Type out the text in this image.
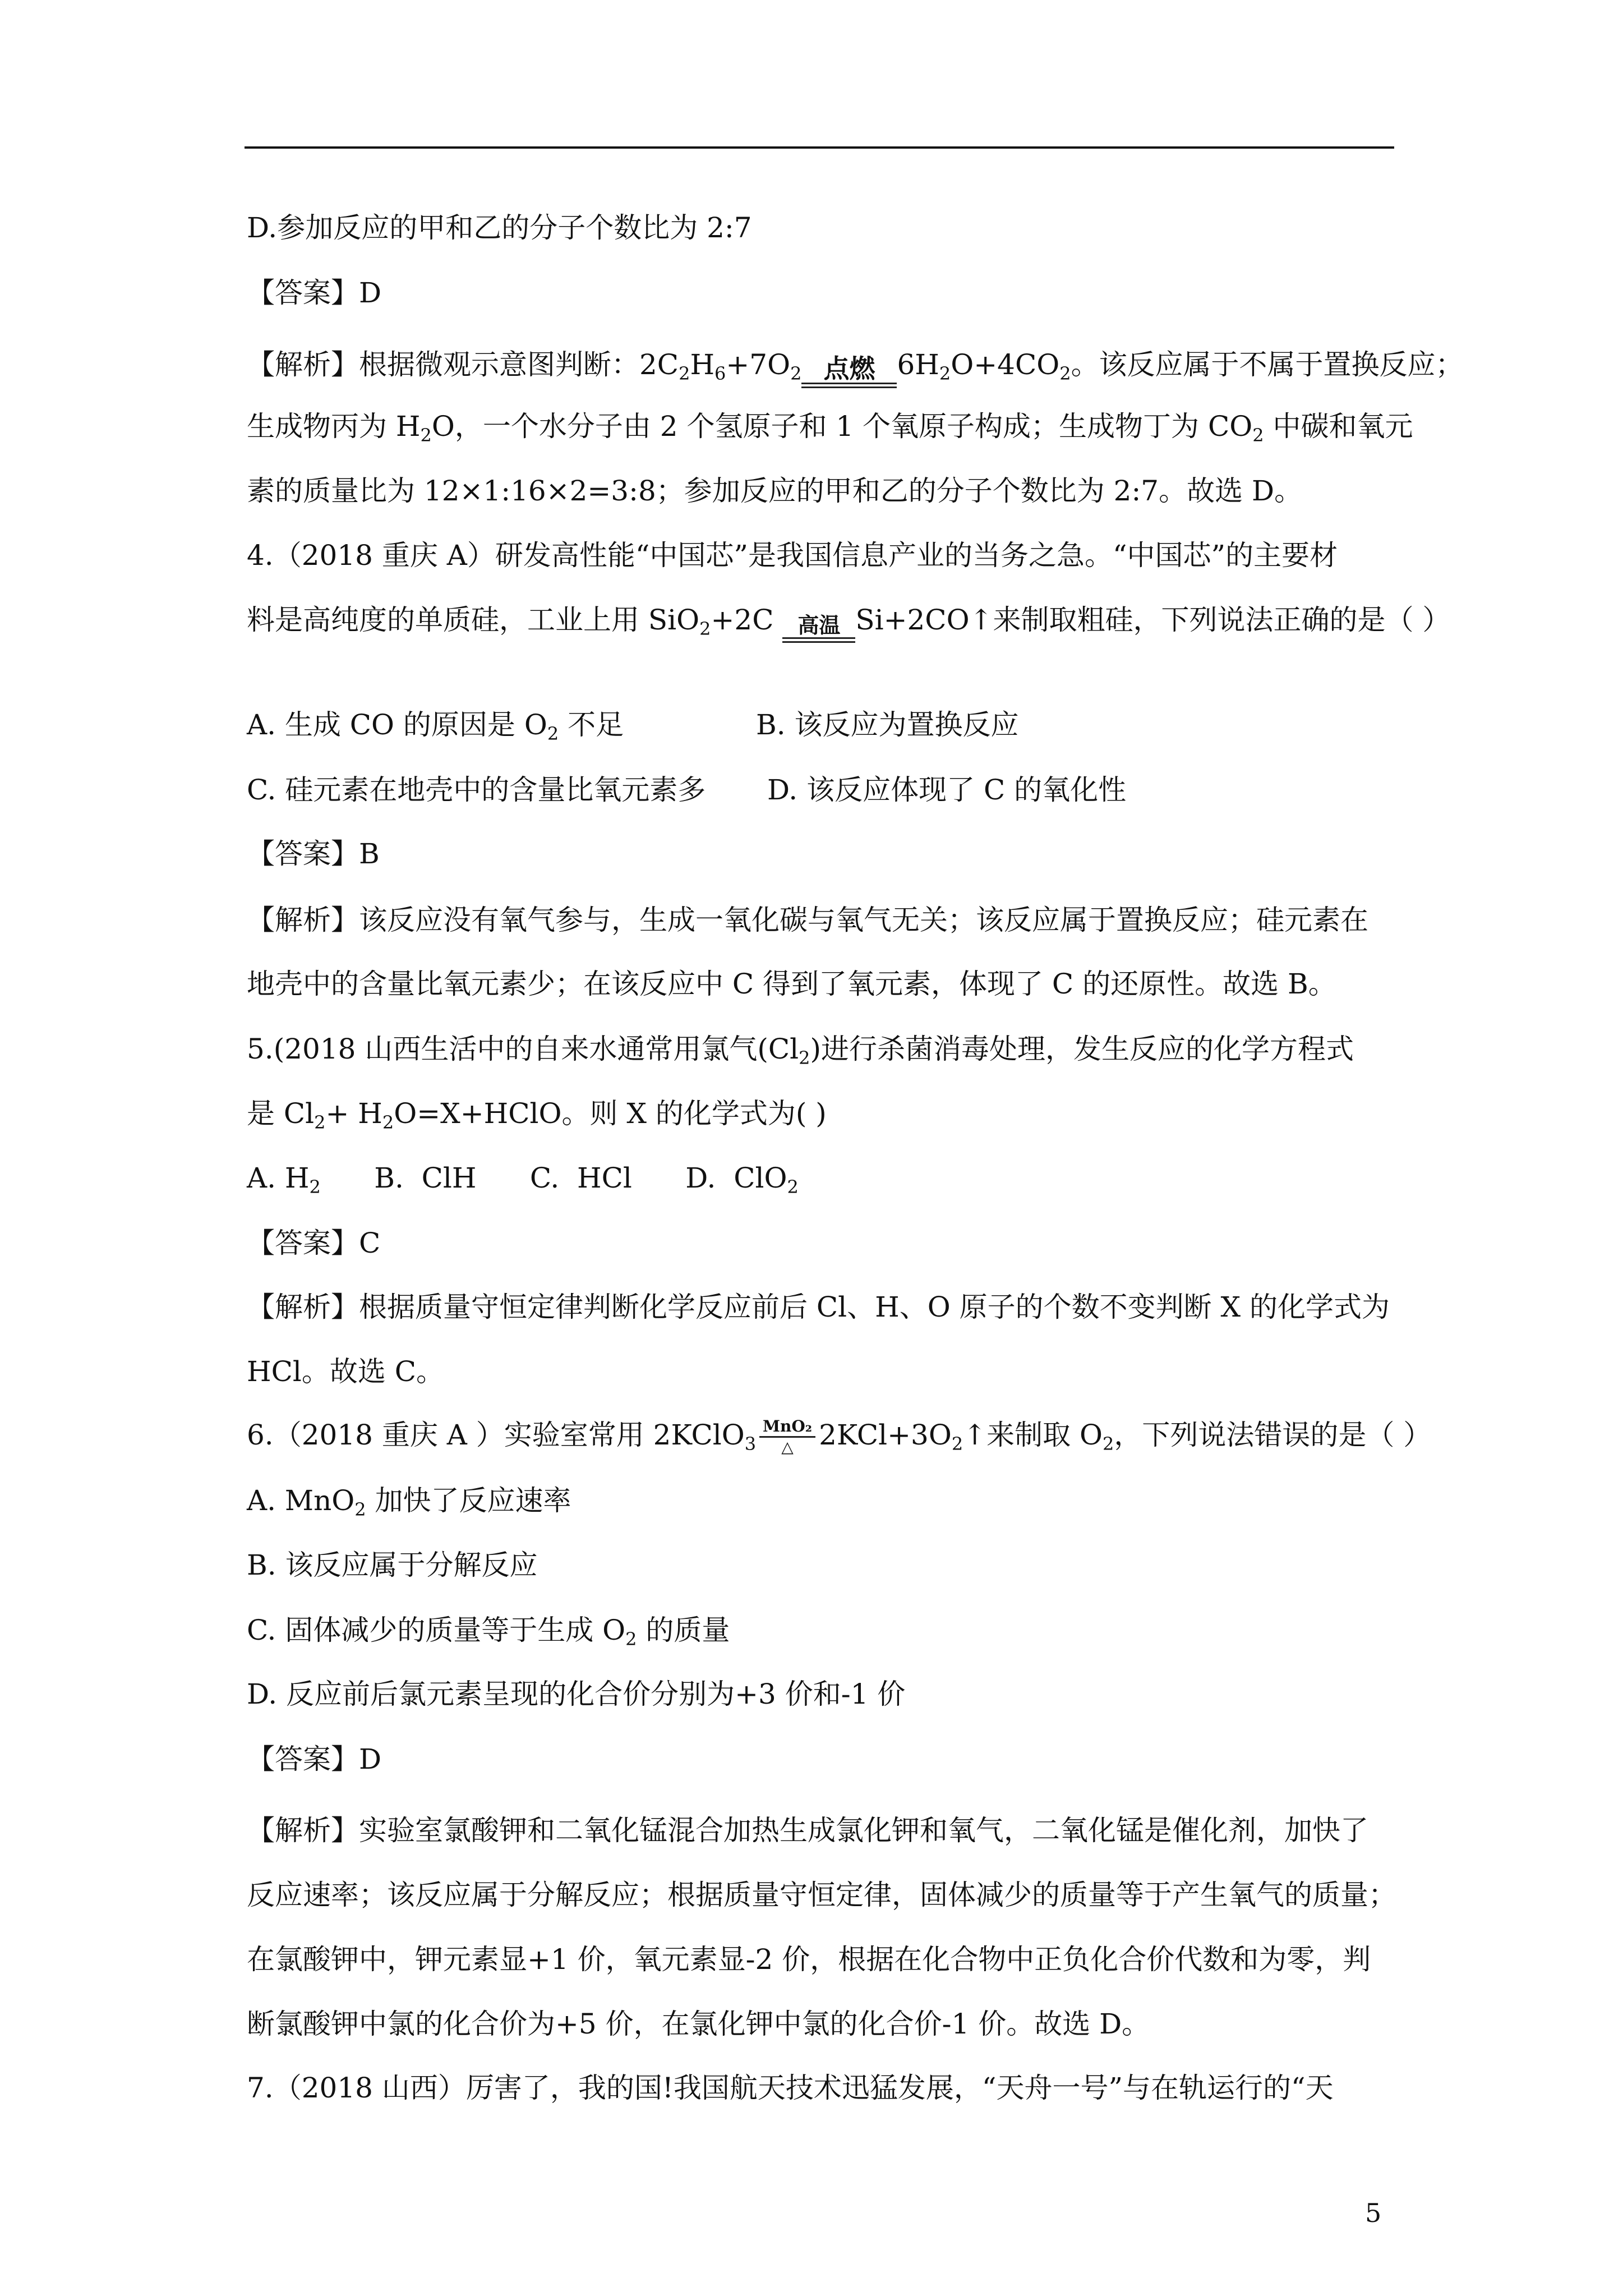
D.参加反应的甲和乙的分子个数比为 2:7
【答案】D
【解析】根据微观示意图判断：$2C_2H_6+7O_2$ 点燃 $6H_2O+4CO_2$。该反应属于不属于置换反应；
生成物丙为 $H_2O$，一个水分子由 2 个氢原子和 1 个氧原子构成；生成物丁为 $CO_2$ 中碳和氧元
素的质量比为 12×1:16×2=3:8；参加反应的甲和乙的分子个数比为 2:7。故选 D。
4.（2018 重庆 A）研发高性能“中国芯”是我国信息产业的当务之急。“中国芯”的主要材
料是高纯度的单质硅，工业上用 SiO$_2$+2C 高温 Si+2CO↑来制取粗硅，下列说法正确的是（ ）
A. 生成 CO 的原因是 $O_2$ 不足	B. 该反应为置换反应
C. 硅元素在地壳中的含量比氧元素多 D. 该反应体现了 C 的氧化性
【答案】B
【解析】该反应没有氧气参与，生成一氧化碳与氧气无关；该反应属于置换反应；硅元素在
地壳中的含量比氧元素少；在该反应中 C 得到了氧元素，体现了 C 的还原性。故选 B。
5.(2018 山西生活中的自来水通常用氯气$(Cl_2)$进行杀菌消毒处理，发生反应的化学方程式
是 $Cl_2+$ $H_2O=X+HClO$。则 X 的化学式为( )
A. $H_2$      B.  ClH      C.  HCl      D.  ClO$_2$
【答案】C
【解析】根据质量守恒定律判断化学反应前后 Cl、H、O 原子的个数不变判断 X 的化学式为
HCl。故选 C。
6.（2018 重庆 A ）实验室常用 2KClO$_3$
MnO₂
△ $2KCl+3O_2↑$来制取 $O_2$，下列说法错误的是（ ）
A. MnO$_2$ 加快了反应速率
B. 该反应属于分解反应
C. 固体减少的质量等于生成 $O_2$ 的质量
D. 反应前后氯元素呈现的化合价分别为+3 价和-1 价
【答案】D
【解析】实验室氯酸钾和二氧化锰混合加热生成氯化钾和氧气，二氧化锰是催化剂，加快了
反应速率；该反应属于分解反应；根据质量守恒定律，固体减少的质量等于产生氧气的质量；
在氯酸钾中，钾元素显+1 价，氧元素显-2 价，根据在化合物中正负化合价代数和为零，判
断氯酸钾中氯的化合价为+5 价，在氯化钾中氯的化合价-1 价。故选 D。
7.（2018 山西）厉害了，我的国!我国航天技术迅猛发展，“天舟一号”与在轨运行的“天
5
